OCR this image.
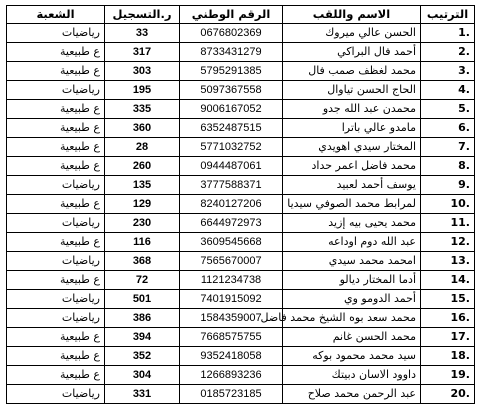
الترتيب	الاسم واللقب	الرقم الوطني	ر.التسجيل	الشعبة
1.	الحسن عالي ميروك	0676802369	33	رياضيات
2.	أحمد فال البراكي	8733431279	317	ع طبيعية
3.	محمد لغظف صمب فال	5795291385	303	ع طبيعية
4.	الحاج الحسن تياوال	5097367558	195	رياضيات
5.	محمدن عبد الله جدو	9006167052	335	ع طبيعية
6.	مامدو عالي باترا	6352487515	360	ع طبيعية
7.	المختار سيدي اهويدي	5771032752	28	ع طبيعية
8.	محمد فاضل اعمر حداد	0944487061	260	ع طبيعية
9.	يوسف أحمد لعبيد	3777588371	135	رياضيات
10.	لمرابط محمد الصوفي سيديا	8240127206	129	ع طبيعية
11.	محمد يحيى بيه إزيد	6644972973	230	رياضيات
12.	عبد الله دوم اوداعه	3609545668	116	ع طبيعية
13.	امحمد محمد سيدي	7565670007	368	رياضيات
14.	أدما المختار ديالو	1121234738	72	ع طبيعية
15.	أحمد الدومو وي	7401915092	501	رياضيات
16.	محمد سعد بوه الشيخ محمد فاضل	1584359007	386	رياضيات
17.	محمد الحسن غانم	7668575755	394	ع طبيعية
18.	سيد محمد محمود بوكه	9352418058	352	ع طبيعية
19.	داوود الاسان دبيتك	1266893236	304	ع طبيعية
20.	عبد الرحمن محمد صلاح	0185723185	331	رياضيات
